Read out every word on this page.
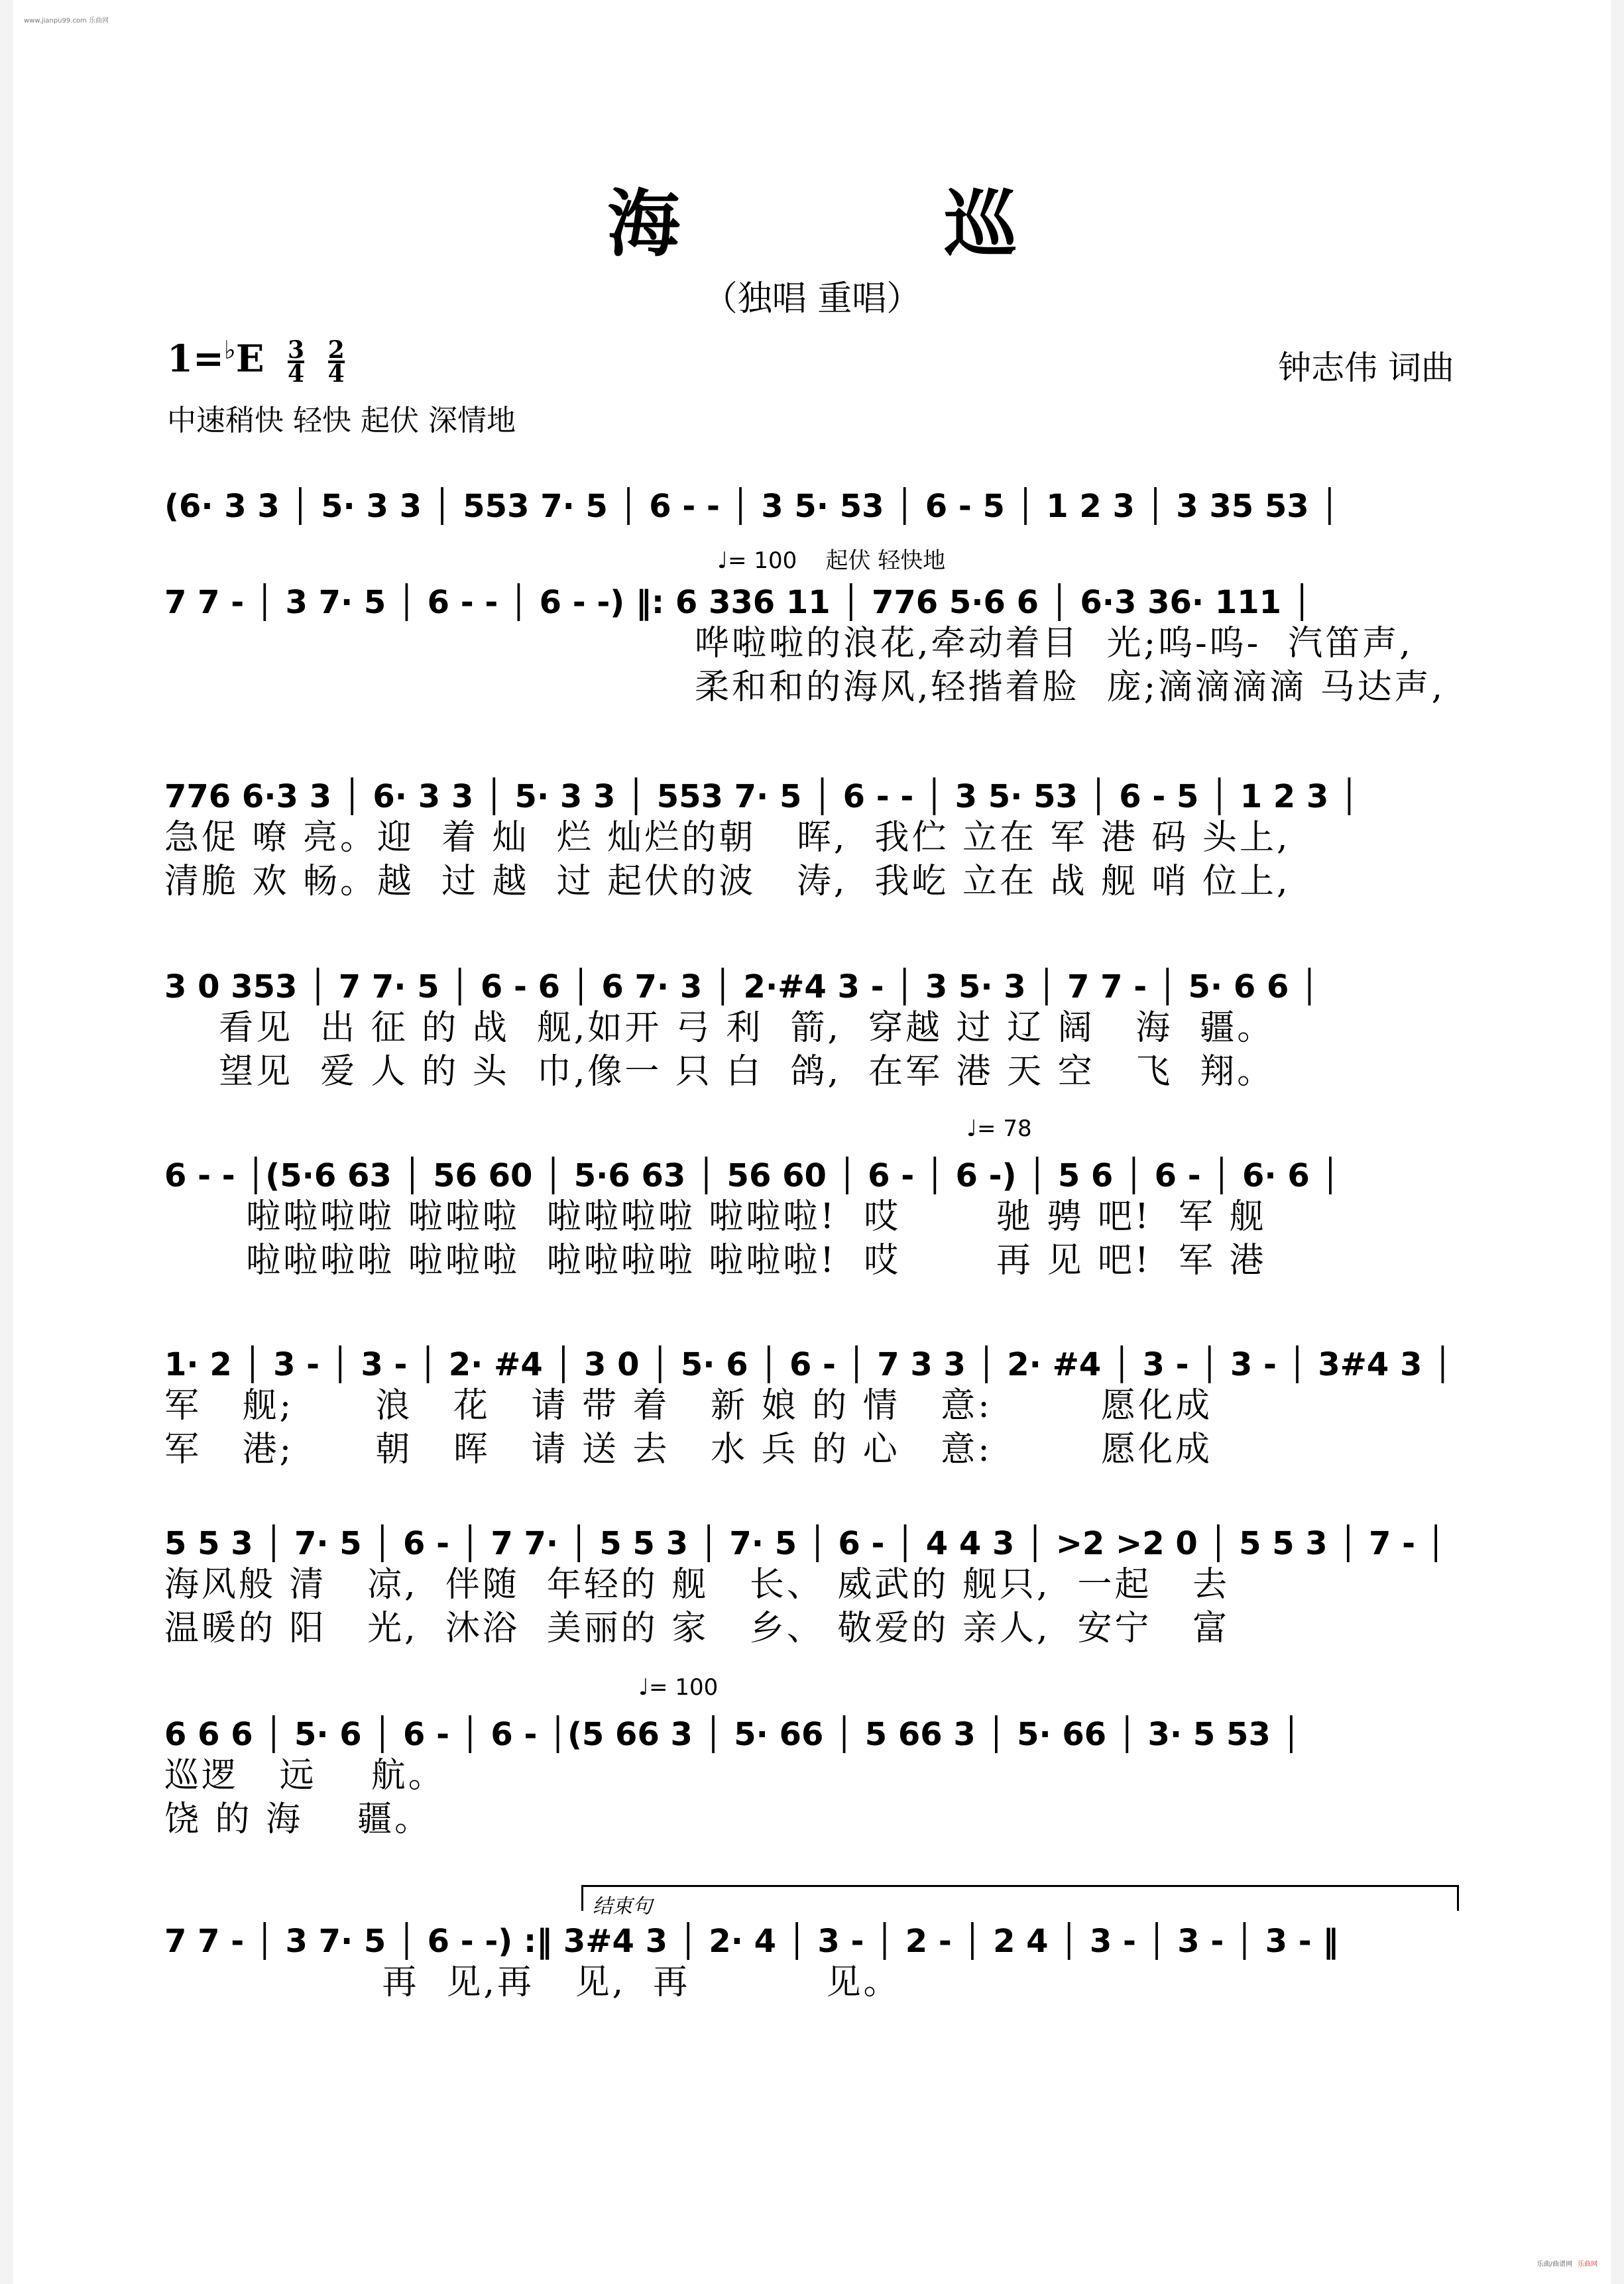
www.jianpu99.com 乐曲网
海 巡
（独唱 重唱）
$1=^♭E \frac{3}{4}$
$\frac{2}{4}$	钟志伟 词曲
中速稍快 轻快 起伏 深情地
♩= 100    起伏 轻快地
♩= 78
♩= 100
结束句
(6· 3 3 │ 5· 3 3 │ 553 7· 5 │ 6 - - │ 3 5· 53 │ 6 - 5 │ 1 2 3 │ 3 35 53 │
7 7 - │ 3 7· 5 │ 6 - - │ 6 - -) ‖: 6 336 11 │ 776 5·6 6 │ 6·3 36· 111 │
哗啦啦的浪花,牵动着目  光;呜-呜-  汽笛声,
柔和和的海风,轻揩着脸  庞;滴滴滴滴 马达声,
776 6·3 3 │ 6· 3 3 │ 5· 3 3 │ 553 7· 5 │ 6 - - │ 3 5· 53 │ 6 - 5 │ 1 2 3 │
急促 嘹 亮。迎  着 灿  烂 灿烂的朝   晖,  我伫 立在 军 港 码 头上,
清脆 欢 畅。越  过 越  过 起伏的波   涛,  我屹 立在 战 舰 哨 位上,
3 0 353 │ 7 7· 5 │ 6 - 6 │ 6 7· 3 │ 2·#4 3 - │ 3 5· 3 │ 7 7 - │ 5· 6 6 │
看见  出 征 的 战  舰,如开 弓 利  箭,  穿越 过 辽 阔   海  疆。
望见  爱 人 的 头  巾,像一 只 白  鸽,  在军 港 天 空   飞  翔。
6 - - │(5·6 63 │ 56 60 │ 5·6 63 │ 56 60 │ 6 - │ 6 -) │ 5 6 │ 6 - │ 6· 6 │
啦啦啦啦 啦啦啦  啦啦啦啦 啦啦啦!  哎       驰 骋 吧!  军 舰
啦啦啦啦 啦啦啦  啦啦啦啦 啦啦啦!  哎       再 见 吧!  军 港
1· 2 │ 3 - │ 3 - │ 2· #4 │ 3 0 │ 5· 6 │ 6 - │ 7 3 3 │ 2· #4 │ 3 - │ 3 - │ 3#4 3 │
军   舰;      浪   花   请 带 着   新 娘 的 情   意:        愿化成
军   港;      朝   晖   请 送 去   水 兵 的 心   意:        愿化成
5 5 3 │ 7· 5 │ 6 - │ 7 7· │ 5 5 3 │ 7· 5 │ 6 - │ 4 4 3 │ >2 >2 0 │ 5 5 3 │ 7 - │
海风般 清   凉,  伴随  年轻的 舰   长、 威武的 舰只,  一起   去
温暖的 阳   光,  沐浴  美丽的 家   乡、 敬爱的 亲人,  安宁   富
6 6 6 │ 5· 6 │ 6 - │ 6 - │(5 66 3 │ 5· 66 │ 5 66 3 │ 5· 66 │ 3· 5 53 │
巡逻   远    航。
饶 的 海    疆。
7 7 - │ 3 7· 5 │ 6 - -) :‖ 3#4 3 │ 2· 4 │ 3 - │ 2 - │ 2 4 │ 3 - │ 3 - │ 3 - ‖
再  见,再   见,  再          见。
乐曲/曲谱网 乐曲网
